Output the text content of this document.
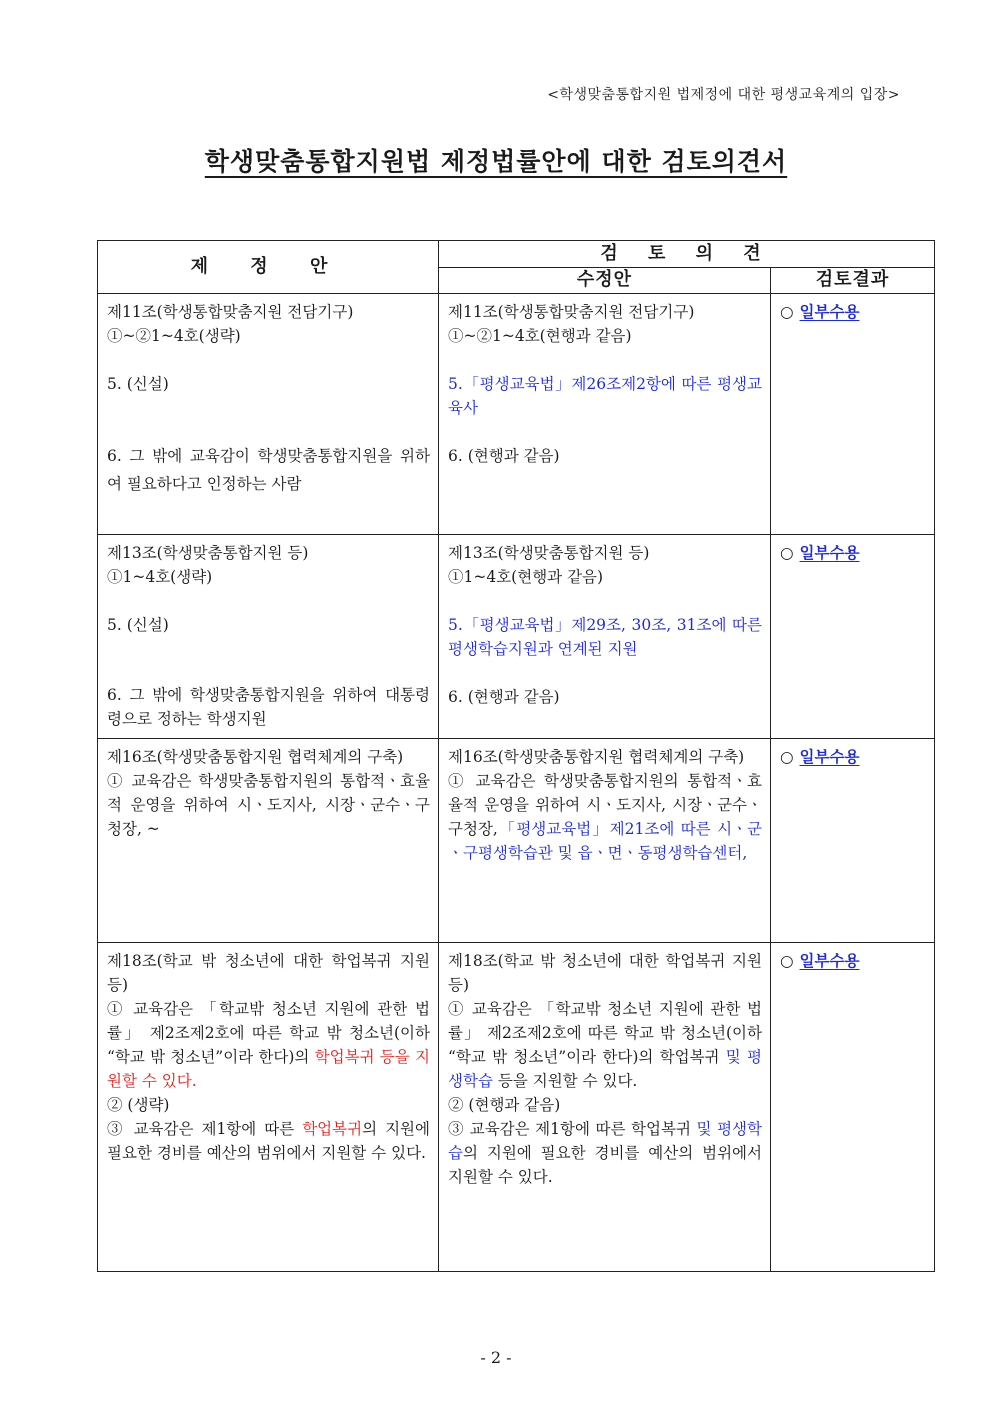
<학생맞춤통합지원 법제정에 대한 평생교육계의 입장>
학생맞춤통합지원법 제정법률안에 대한 검토의견서
제 정 안	검 토 의 견	
	수정안	검토결과

제11조(학생통합맞춤지원 전담기구)
①~②1~4호(생략)
5. (신설)
6. 그 밖에 교육감이 학생맞춤통합지원을 위하여 필요하다고 인정하는 사람	제11조(학생통합맞춤지원 전담기구)
①~②1~4호(현행과 같음)
5.「평생교육법」제26조제2항에 따른 평생교육사
6. (현행과 같음)	○ 일부수용

제13조(학생맞춤통합지원 등)
①1~4호(생략)
5. (신설)
6. 그 밖에 학생맞춤통합지원을 위하여 대통령령으로 정하는 학생지원	제13조(학생맞춤통합지원 등)
①1~4호(현행과 같음)
5.「평생교육법」제29조, 30조, 31조에 따른 평생학습지원과 연계된 지원
6. (현행과 같음)	○ 일부수용

제16조(학생맞춤통합지원 협력체계의 구축)
① 교육감은 학생맞춤통합지원의 통합적ㆍ효율적 운영을 위하여 시ㆍ도지사, 시장ㆍ군수ㆍ구청장, ~	제16조(학생맞춤통합지원 협력체계의 구축)
① 교육감은 학생맞춤통합지원의 통합적ㆍ효율적 운영을 위하여 시ㆍ도지사, 시장ㆍ군수ㆍ구청장,「평생교육법」제21조에 따른 시ㆍ군ㆍ구평생학습관 및 읍ㆍ면ㆍ동평생학습센터,	○ 일부수용

제18조(학교 밖 청소년에 대한 학업복귀 지원 등)
① 교육감은 「학교밖 청소년 지원에 관한 법률」 제2조제2호에 따른 학교 밖 청소년(이하 “학교 밖 청소년”이라 한다)의 학업복귀 등을 지원할 수 있다.
② (생략)
③ 교육감은 제1항에 따른 학업복귀의 지원에 필요한 경비를 예산의 범위에서 지원할 수 있다.	제18조(학교 밖 청소년에 대한 학업복귀 지원 등)
① 교육감은 「학교밖 청소년 지원에 관한 법률」 제2조제2호에 따른 학교 밖 청소년(이하 “학교 밖 청소년”이라 한다)의 학업복귀 및 평생학습 등을 지원할 수 있다.
② (현행과 같음)
③ 교육감은 제1항에 따른 학업복귀 및 평생학습의 지원에 필요한 경비를 예산의 범위에서 지원할 수 있다.	○ 일부수용
- 2 -
